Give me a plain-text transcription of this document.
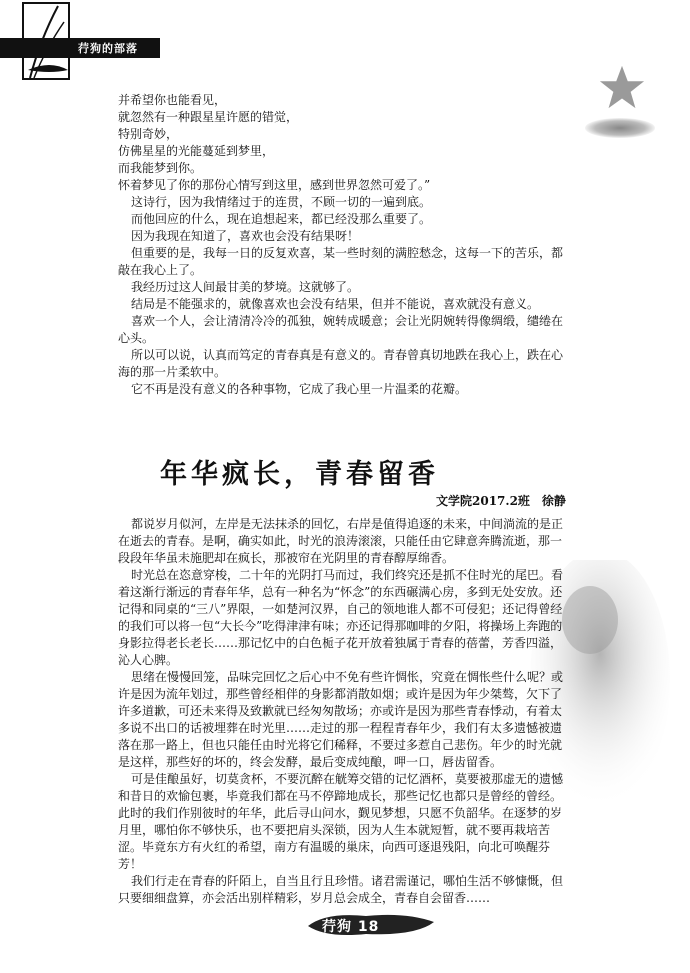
荇狗的部落

并希望你也能看见，

就忽然有一种跟星星许愿的错觉，

特别奇妙，

仿佛星星的光能蔓延到梦里，

而我能梦到你。

怀着梦见了你的那份心情写到这里，感到世界忽然可爱了。”

这诗行，因为我情绪过于的连贯，不顾一切的一遍到底。

而他回应的什么，现在追想起来，都已经没那么重要了。

因为我现在知道了，喜欢也会没有结果呀！

但重要的是，我每一日的反复欢喜，某一些时刻的满腔愁念，这每一下的苦乐，都敲在我心上了。

我经历过这人间最甘美的梦境。这就够了。

结局是不能强求的，就像喜欢也会没有结果，但并不能说，喜欢就没有意义。

喜欢一个人，会让清清冷冷的孤独，婉转成暖意；会让光阴婉转得像绸缎，缱绻在心头。

所以可以说，认真而笃定的青春真是有意义的。青春曾真切地跌在我心上，跌在心海的那一片柔软中。

它不再是没有意义的各种事物，它成了我心里一片温柔的花瓣。

年华疯长，青春留香
文学院2017.2班　徐静

都说岁月似河，左岸是无法抹杀的回忆，右岸是值得追逐的未来，中间淌流的是正在逝去的青春。是啊，确实如此，时光的浪涛滚滚，只能任由它肆意奔腾流逝，那一段段年华虽未施肥却在疯长，那被帘在光阴里的青春醇厚绵香。

时光总在恣意穿梭，二十年的光阴打马而过，我们终究还是抓不住时光的尾巴。看着这渐行渐远的青春年华，总有一种名为“怀念”的东西碾满心房，多到无处安放。还记得和同桌的“三八”界限，一如楚河汉界，自己的领地谁人都不可侵犯；还记得曾经的我们可以将一包“大长今”吃得津津有味；亦还记得那咖啡的夕阳，将操场上奔跑的身影拉得老长老长……那记忆中的白色栀子花开放着独属于青春的蓓蕾，芳香四溢，沁人心脾。

思绪在慢慢回笼，品味完回忆之后心中不免有些许惆怅，究竟在惆怅些什么呢？或许是因为流年划过，那些曾经相伴的身影都消散如烟；或许是因为年少桀骜，欠下了许多道歉，可还未来得及致歉就已经匆匆散场；亦或许是因为那些青春悸动，有着太多说不出口的话被埋葬在时光里……走过的那一程程青春年少，我们有太多遗憾被遗落在那一路上，但也只能任由时光将它们稀释，不要过多惹自己悲伤。年少的时光就是这样，那些好的坏的，终会发酵，最后变成纯酿，呷一口，唇齿留香。

可是佳酿虽好，切莫贪杯，不要沉醉在觥筹交错的记忆酒杯，莫要被那虚无的遗憾和昔日的欢愉包裹，毕竟我们都在马不停蹄地成长，那些记忆也都只是曾经的曾经。此时的我们作别彼时的年华，此后寻山问水，觐见梦想，只愿不负韶华。在逐梦的岁月里，哪怕你不够快乐，也不要把肩头深锁，因为人生本就短暂，就不要再栽培苦涩。毕竟东方有火红的希望，南方有温暖的巢床，向西可逐退残阳，向北可唤醒芬芳！

我们行走在青春的阡陌上，自当且行且珍惜。诸君需谨记，哪怕生活不够慷慨，但只要细细盘算，亦会活出别样精彩，岁月总会成全，青春自会留香……

荇狗 18
